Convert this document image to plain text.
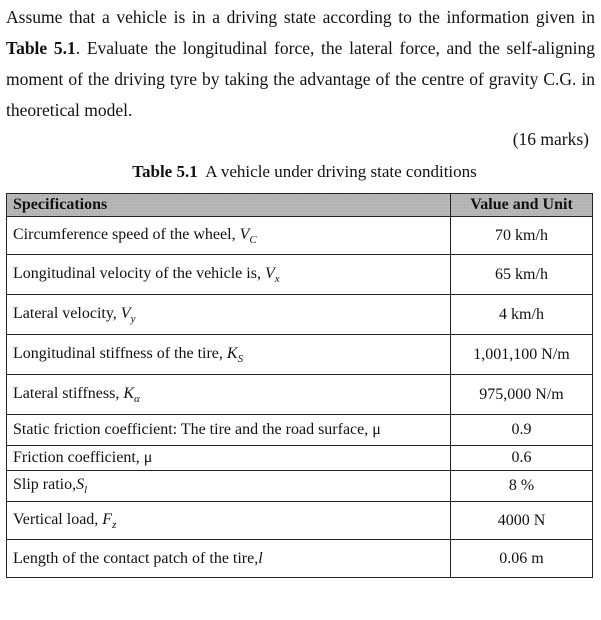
Assume that a vehicle is in a driving state according to the information given in Table 5.1. Evaluate the longitudinal force, the lateral force, and the self-aligning moment of the driving tyre by taking the advantage of the centre of gravity C.G. in theoretical model.

(16 marks)
Table 5.1 A vehicle under driving state conditions
Specifications	Value and Unit
Circumference speed of the wheel, $V_C$	70 km/h
Longitudinal velocity of the vehicle is, $V_x$	65 km/h
Lateral velocity, $V_y$	4 km/h
Longitudinal stiffness of the tire, $K_S$	1,001,100 N/m
Lateral stiffness, $K_\alpha$	975,000 N/m
Static friction coefficient: The tire and the road surface, μ	0.9
Friction coefficient, μ	0.6
Slip $ratio,S_l$	8 %
Vertical load, $F_z$	4000 N
Length of the contact patch of the tire,l	0.06 m
